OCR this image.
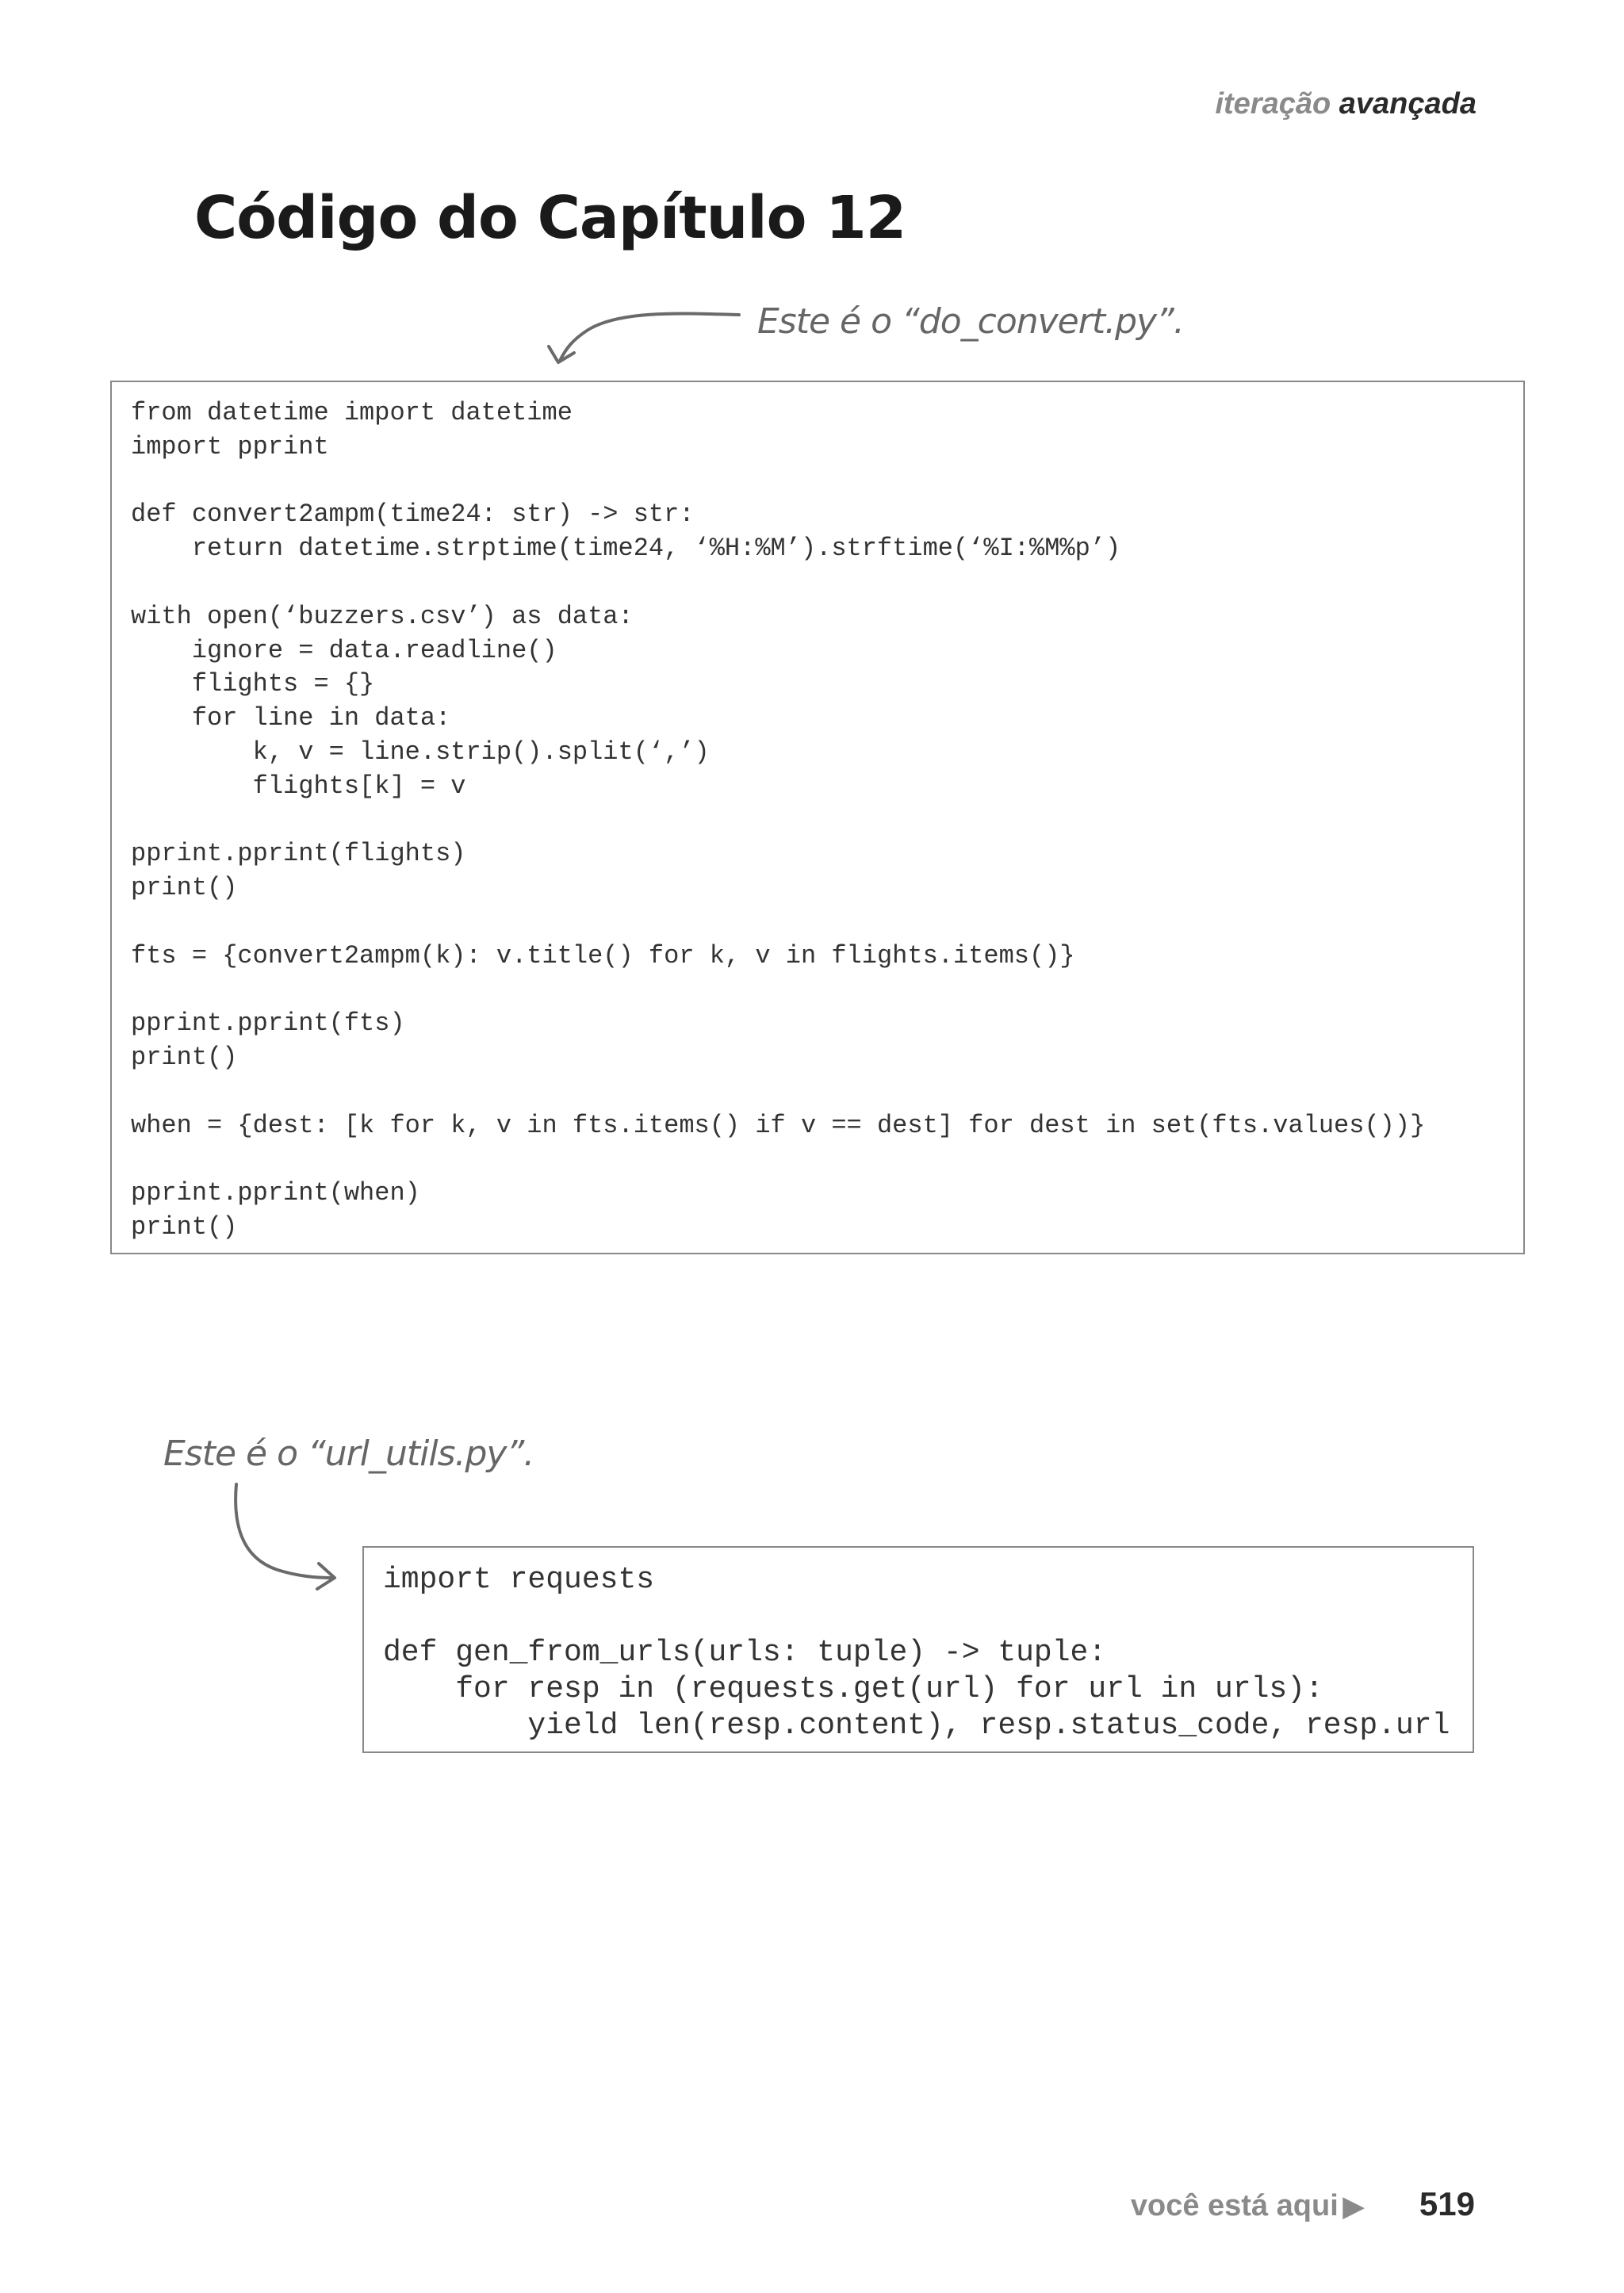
iteração avançada
Código do Capítulo 12
Este é o “do_convert.py”.
from datetime import datetime
import pprint

def convert2ampm(time24: str) -> str:
return datetime.strptime(time24, ‘%H:%M’).strftime(‘%I:%M%p’)

with open(‘buzzers.csv’) as data:
ignore = data.readline()
flights = {}
for line in data:
k, v = line.strip().split(‘,’)
flights[k] = v

pprint.pprint(flights)
print()

fts = {convert2ampm(k): v.title() for k, v in flights.items()}

pprint.pprint(fts)
print()

when = {dest: [k for k, v in fts.items() if v == dest] for dest in set(fts.values())}

pprint.pprint(when)
print()
Este é o “url_utils.py”.
import requests

def gen_from_urls(urls: tuple) -> tuple:
for resp in (requests.get(url) for url in urls):
yield len(resp.content), resp.status_code, resp.url
você está aqui ▶ 519
